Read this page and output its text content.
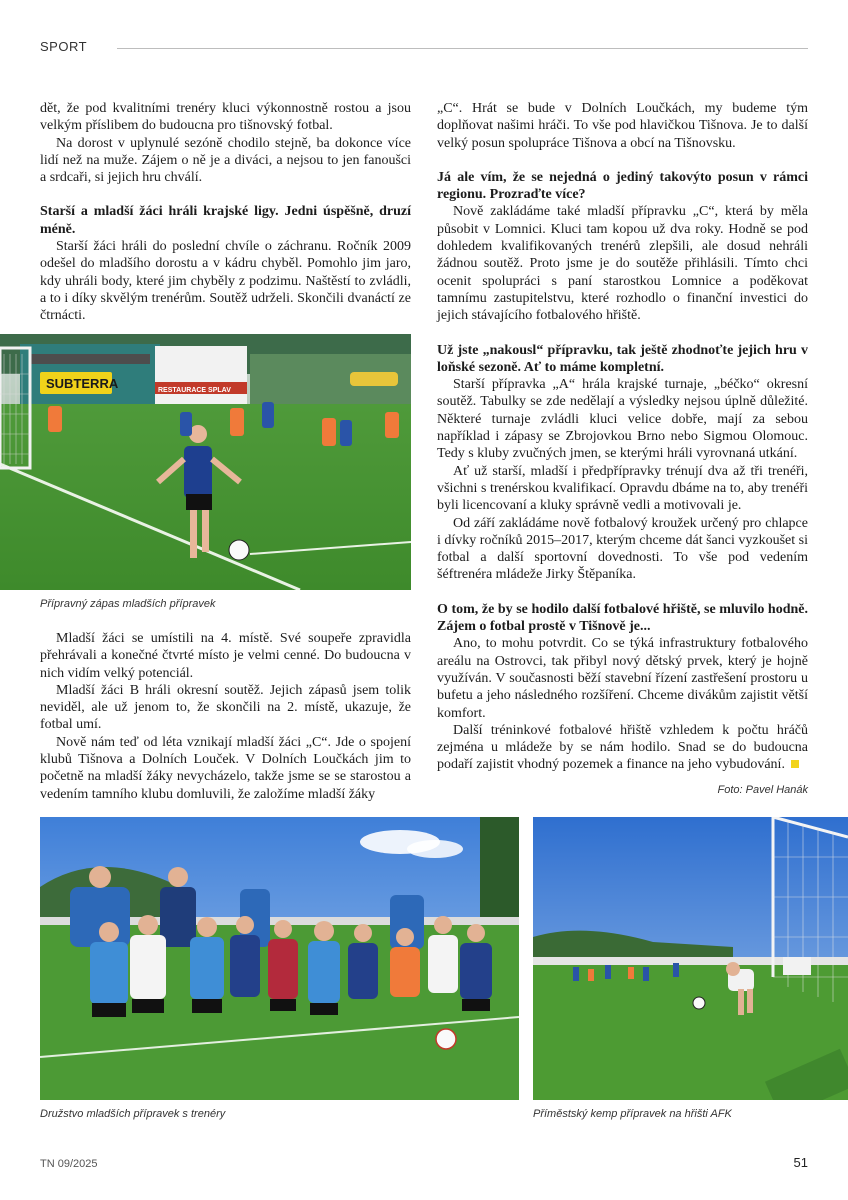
SPORT

dět, že pod kvalitními trenéry kluci výkonnostně rostou a jsou velkým příslibem do budoucna pro tišnovský fotbal.

Na dorost v uplynulé sezóně chodilo stejně, ba dokonce více lidí než na muže. Zájem o ně je a diváci, a nejsou to jen fanoušci a srdcaři, si jejich hru chválí.

Starší a mladší žáci hráli krajské ligy. Jedni úspěšně, druzí méně.

Starší žáci hráli do poslední chvíle o záchranu. Ročník 2009 odešel do mladšího dorostu a v kádru chyběl. Pomohlo jim jaro, kdy uhráli body, které jim chyběly z podzimu. Naštěstí to zvládli, a to i díky skvělým trenérům. Soutěž udrželi. Skončili dvanáctí ze čtrnácti.

SUBTERRA	RESTAURACE SPLAV
Přípravný zápas mladších přípravek

Mladší žáci se umístili na 4. místě. Své soupeře zpravidla přehrávali a konečné čtvrté místo je velmi cenné. Do budoucna v nich vidím velký potenciál.

Mladší žáci B hráli okresní soutěž. Jejich zápasů jsem tolik neviděl, ale už jenom to, že skončili na 2. místě, ukazuje, že fotbal umí.

Nově nám teď od léta vznikají mladší žáci „C“. Jde o spojení klubů Tišnova a Dolních Louček. V Dolních Loučkách jim to početně na mladší žáky nevycházelo, takže jsme se se starostou a vedením tamního klubu domluvili, že založíme mladší žáky

„C“. Hrát se bude v Dolních Loučkách, my budeme tým doplňovat našimi hráči. To vše pod hlavičkou Tišnova. Je to další velký posun spolupráce Tišnova a obcí na Tišnovsku.

Já ale vím, že se nejedná o jediný takovýto posun v rámci regionu. Prozraďte více?

Nově zakládáme také mladší přípravku „C“, která by měla působit v Lomnici. Kluci tam kopou už dva roky. Hodně se pod dohledem kvalifikovaných trenérů zlepšili, ale dosud nehráli žádnou soutěž. Proto jsme je do soutěže přihlásili. Tímto chci ocenit spolupráci s paní starostkou Lomnice a poděkovat tamnímu zastupitelstvu, které rozhodlo o finanční investici do jejich stávajícího fotbalového hřiště.

Už jste „nakousl“ přípravku, tak ještě zhodnoťte jejich hru v loňské sezoně. Ať to máme kompletní.

Starší přípravka „A“ hrála krajské turnaje, „béčko“ okresní soutěž. Tabulky se zde nedělají a výsledky nejsou úplně důležité. Některé turnaje zvládli kluci velice dobře, mají za sebou například i zápasy se Zbrojovkou Brno nebo Sigmou Olomouc. Tedy s kluby zvučných jmen, se kterými hráli vyrovnaná utkání.

Ať už starší, mladší i předpřípravky trénují dva až tři trenéři, všichni s trenérskou kvalifikací. Opravdu dbáme na to, aby trenéři byli licencovaní a kluky správně vedli a motivovali je.

Od září zakládáme nově fotbalový kroužek určený pro chlapce i dívky ročníků 2015–2017, kterým chceme dát šanci vyzkoušet si fotbal a další sportovní dovednosti. To vše pod vedením šéftrenéra mládeže Jirky Štěpaníka.

O tom, že by se hodilo další fotbalové hřiště, se mluvilo hodně. Zájem o fotbal prostě v Tišnově je...

Ano, to mohu potvrdit. Co se týká infrastruktury fotbalového areálu na Ostrovci, tak přibyl nový dětský prvek, který je hojně využíván. V současnosti běží stavební řízení zastřešení prostoru u bufetu a jeho následného rozšíření. Chceme divákům zajistit větší komfort.

Další tréninkové fotbalové hřiště vzhledem k počtu hráčů zejména u mládeže by se nám hodilo. Snad se do budoucna podaří zajistit vhodný pozemek a finance na jeho vybudování.

Foto: Pavel Hanák
Družstvo mladších přípravek s trenéry	Příměstský kemp přípravek na hřišti AFK
TN 09/2025	51
